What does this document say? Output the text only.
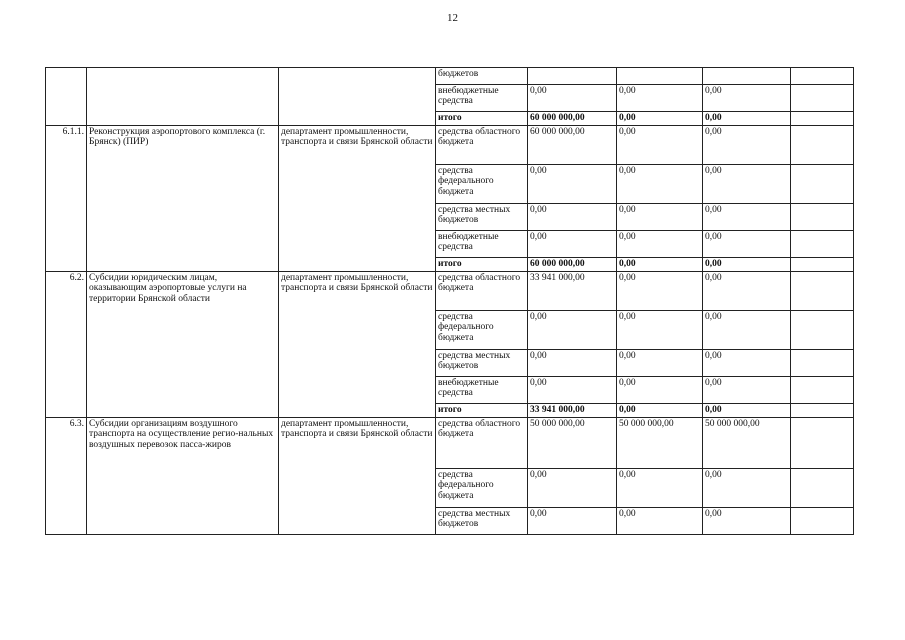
12
			бюджетов				
			внебюджетные средства	0,00	0,00	0,00	
			итого	60 000 000,00	0,00	0,00	
6.1.1.	Реконструкция аэропортового комплекса (г. Брянск) (ПИР)	департамент промышленности, транспорта и связи Брянской области	средства областного бюджета	60 000 000,00	0,00	0,00	
			средства федерального бюджета	0,00	0,00	0,00	
			средства местных бюджетов	0,00	0,00	0,00	
			внебюджетные средства	0,00	0,00	0,00	
			итого	60 000 000,00	0,00	0,00	
6.2.	Субсидии юридическим лицам, оказывающим аэропортовые услуги на территории Брянской области	департамент промышленности, транспорта и связи Брянской области	средства областного бюджета	33 941 000,00	0,00	0,00	
			средства федерального бюджета	0,00	0,00	0,00	
			средства местных бюджетов	0,00	0,00	0,00	
			внебюджетные средства	0,00	0,00	0,00	
			итого	33 941 000,00	0,00	0,00	
6.3.	Субсидии организациям воздушного транспорта на осуществление регио-нальных воздушных перевозок пасса-жиров	департамент промышленности, транспорта и связи Брянской области	средства областного бюджета	50 000 000,00	50 000 000,00	50 000 000,00	
			средства федерального бюджета	0,00	0,00	0,00	
			средства местных бюджетов	0,00	0,00	0,00	
